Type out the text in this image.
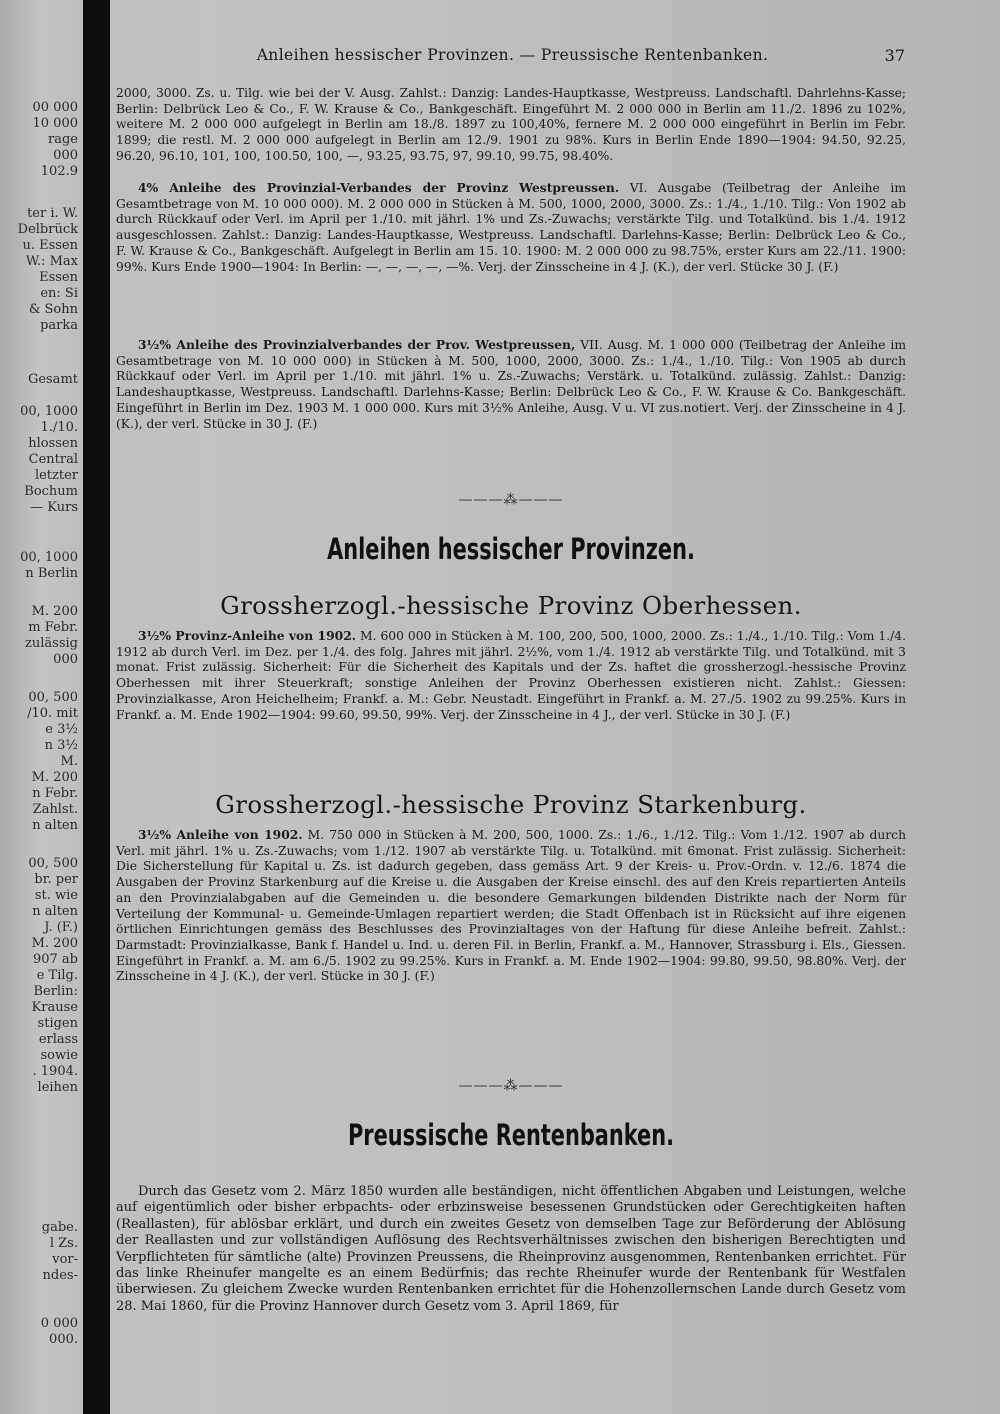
00 000
10 000
rage
000
102.9
ter i. W.
Delbrück
u. Essen
W.: Max
Essen
en: Si
& Sohn
parka
Gesamt
00, 1000
1./10.
hlossen
Central
letzter
Bochum
— Kurs
00, 1000
n Berlin
M. 200
m Febr.
zulässig
000
00, 500
/10. mit
e 3½
n 3½
M.
M. 200
n Febr.
Zahlst.
n alten
00, 500
br. per
st. wie
n alten
J. (F.)
M. 200
907 ab
e Tilg.
Berlin:
Krause
stigen
erlass
sowie
. 1904.
leihen
gabe.
l Zs.
vor-
ndes-
0 000
000.
Anleihen hessischer Provinzen. — Preussische Rentenbanken.	37

2000, 3000. Zs. u. Tilg. wie bei der V. Ausg. Zahlst.: Danzig: Landes-Hauptkasse, Westpreuss. Landschaftl. Dahrlehns-Kasse; Berlin: Delbrück Leo & Co., F. W. Krause & Co., Bankgeschäft. Eingeführt M. 2 000 000 in Berlin am 11./2. 1896 zu 102%, weitere M. 2 000 000 aufgelegt in Berlin am 18./8. 1897 zu 100,40%, fernere M. 2 000 000 eingeführt in Berlin im Febr. 1899; die restl. M. 2 000 000 aufgelegt in Berlin am 12./9. 1901 zu 98%. Kurs in Berlin Ende 1890—1904: 94.50, 92.25, 96.20, 96.10, 101, 100, 100.50, 100, —, 93.25, 93.75, 97, 99.10, 99.75, 98.40%.

4% Anleihe des Provinzial-Verbandes der Provinz Westpreussen. VI. Ausgabe (Teilbetrag der Anleihe im Gesamtbetrage von M. 10 000 000). M. 2 000 000 in Stücken à M. 500, 1000, 2000, 3000. Zs.: 1./4., 1./10. Tilg.: Von 1902 ab durch Rückkauf oder Verl. im April per 1./10. mit jährl. 1% und Zs.-Zuwachs; verstärkte Tilg. und Totalkünd. bis 1./4. 1912 ausgeschlossen. Zahlst.: Danzig: Landes-Hauptkasse, Westpreuss. Landschaftl. Darlehns-Kasse; Berlin: Delbrück Leo & Co., F. W. Krause & Co., Bankgeschäft. Aufgelegt in Berlin am 15. 10. 1900: M. 2 000 000 zu 98.75%, erster Kurs am 22./11. 1900: 99%. Kurs Ende 1900—1904: In Berlin: —, —, —, —, —%. Verj. der Zinsscheine in 4 J. (K.), der verl. Stücke 30 J. (F.)

3½% Anleihe des Provinzialverbandes der Prov. Westpreussen, VII. Ausg. M. 1 000 000 (Teilbetrag der Anleihe im Gesamtbetrage von M. 10 000 000) in Stücken à M. 500, 1000, 2000, 3000. Zs.: 1./4., 1./10. Tilg.: Von 1905 ab durch Rückkauf oder Verl. im April per 1./10. mit jährl. 1% u. Zs.-Zuwachs; Verstärk. u. Totalkünd. zulässig. Zahlst.: Danzig: Landeshauptkasse, Westpreuss. Landschaftl. Darlehns-Kasse; Berlin: Delbrück Leo & Co., F. W. Krause & Co. Bankgeschäft. Eingeführt in Berlin im Dez. 1903 M. 1 000 000. Kurs mit 3½% Anleihe, Ausg. V u. VI zus.notiert. Verj. der Zinsscheine in 4 J. (K.), der verl. Stücke in 30 J. (F.)

———⁂———
Anleihen hessischer Provinzen.
Grossherzogl.-hessische Provinz Oberhessen.

3½% Provinz-Anleihe von 1902. M. 600 000 in Stücken à M. 100, 200, 500, 1000, 2000. Zs.: 1./4., 1./10. Tilg.: Vom 1./4. 1912 ab durch Verl. im Dez. per 1./4. des folg. Jahres mit jährl. 2½%, vom 1./4. 1912 ab verstärkte Tilg. und Totalkünd. mit 3 monat. Frist zulässig. Sicherheit: Für die Sicherheit des Kapitals und der Zs. haftet die grossherzogl.-hessische Provinz Oberhessen mit ihrer Steuerkraft; sonstige Anleihen der Provinz Oberhessen existieren nicht. Zahlst.: Giessen: Provinzialkasse, Aron Heichelheim; Frankf. a. M.: Gebr. Neustadt. Eingeführt in Frankf. a. M. 27./5. 1902 zu 99.25%. Kurs in Frankf. a. M. Ende 1902—1904: 99.60, 99.50, 99%. Verj. der Zinsscheine in 4 J., der verl. Stücke in 30 J. (F.)

Grossherzogl.-hessische Provinz Starkenburg.

3½% Anleihe von 1902. M. 750 000 in Stücken à M. 200, 500, 1000. Zs.: 1./6., 1./12. Tilg.: Vom 1./12. 1907 ab durch Verl. mit jährl. 1% u. Zs.-Zuwachs; vom 1./12. 1907 ab verstärkte Tilg. u. Totalkünd. mit 6monat. Frist zulässig. Sicherheit: Die Sicherstellung für Kapital u. Zs. ist dadurch gegeben, dass gemäss Art. 9 der Kreis- u. Prov.-Ordn. v. 12./6. 1874 die Ausgaben der Provinz Starkenburg auf die Kreise u. die Ausgaben der Kreise einschl. des auf den Kreis repartierten Anteils an den Provinzialabgaben auf die Gemeinden u. die besondere Gemarkungen bildenden Distrikte nach der Norm für Verteilung der Kommunal- u. Gemeinde-Umlagen repartiert werden; die Stadt Offenbach ist in Rücksicht auf ihre eigenen örtlichen Einrichtungen gemäss des Beschlusses des Provinzialtages von der Haftung für diese Anleihe befreit. Zahlst.: Darmstadt: Provinzialkasse, Bank f. Handel u. Ind. u. deren Fil. in Berlin, Frankf. a. M., Hannover, Strassburg i. Els., Giessen. Eingeführt in Frankf. a. M. am 6./5. 1902 zu 99.25%. Kurs in Frankf. a. M. Ende 1902—1904: 99.80, 99.50, 98.80%. Verj. der Zinsscheine in 4 J. (K.), der verl. Stücke in 30 J. (F.)

———⁂———
Preussische Rentenbanken.

Durch das Gesetz vom 2. März 1850 wurden alle beständigen, nicht öffentlichen Abgaben und Leistungen, welche auf eigentümlich oder bisher erbpachts- oder erbzinsweise besessenen Grundstücken oder Gerechtigkeiten haften (Reallasten), für ablösbar erklärt, und durch ein zweites Gesetz von demselben Tage zur Beförderung der Ablösung der Reallasten und zur vollständigen Auflösung des Rechtsverhältnisses zwischen den bisherigen Berechtigten und Verpflichteten für sämtliche (alte) Provinzen Preussens, die Rheinprovinz ausgenommen, Rentenbanken errichtet. Für das linke Rheinufer mangelte es an einem Bedürfnis; das rechte Rheinufer wurde der Rentenbank für Westfalen überwiesen. Zu gleichem Zwecke wurden Rentenbanken errichtet für die Hohenzollernschen Lande durch Gesetz vom 28. Mai 1860, für die Provinz Hannover durch Gesetz vom 3. April 1869, für
